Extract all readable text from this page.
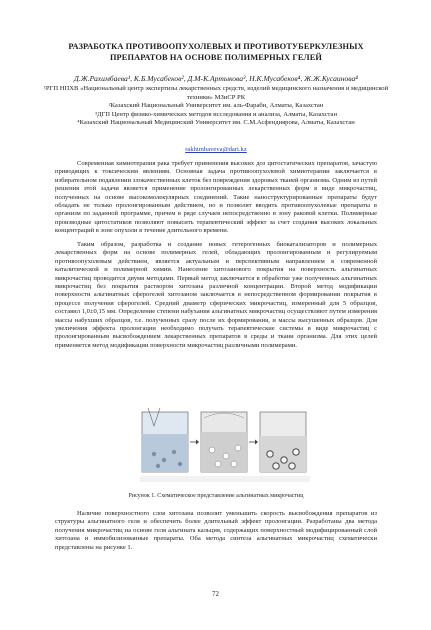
РАЗРАБОТКА ПРОТИВООПУХОЛЕВЫХ И ПРОТИВОТУБЕРКУЛЕЗНЫХ ПРЕПАРАТОВ НА ОСНОВЕ ПОЛИМЕРНЫХ ГЕЛЕЙ
Д.Ж.Рахимбаева¹, К.Б.Мусабеков², Д.М-К.Артыкова³, Н.К.Мусабеков⁴, Ж.Ж.Кусаинова⁴
¹РГП НПХВ «Национальный центр экспертизы лекарственных средств, изделий медицинского назначения и медицинской техники» МЗиСР РК
²Казахский Национальный Университет им. аль-Фараби, Алматы, Казахстан
³ДГП Центр физико-химических методов исследования и анализа, Алматы, Казахстан
⁴Казахский Национальный Медицинский Университет им. С.М.Асфендиярова, Алматы, Казахстан
rakhimbaveva@dari.kz
Современная химиотерапия рака требует применения высоких доз цитостатических препаратов, зачастую приводящих к токсическим явлениям. Основная задача противоопухолевой химиотерапии заключается в избирательном подавлении злокачественных клеток без повреждения здоровых тканей организма. Одним из путей решения этой задачи является применение пролонгированных лекарственных форм в виде микрочастиц, полученных на основе высокомолекулярных соединений. Такие наноструктурированные препараты будут обладать не только пролонгированным действием, но и позволят вводить противоопухолевые препараты в организм по заданной программе, причем в ряде случаев непосредственно в зону раковой клетки. Полимерные производные цитостатиков позволяют повысить терапевтический эффект за счет создания высоких локальных концентраций в зоне опухоли в течение длительного времени.
Таким образом, разработка и создание новых гетерогенных биокатализаторов и полимерных лекарственных форм на основе полимерных гелей, обладающих пролонгированным и регулируемым противоопухолевым действием, является актуальным и перспективным направлением в современной каталитической и полимерной химии. Нанесение хитозанового покрытия на поверхность альгинатных микрочастиц проводится двумя методами. Первый метод заключается в обработке уже полученных альгинатных микрочастиц без покрытия раствором хитозана различной концентрации. Второй метод модификации поверхности альгинатных сферогелей хитозаном заключается в непосредственном формировании покрытия в процессе получения сферогелей. Средний диаметр сферических микрочастиц, измеренный для 5 образцов, составил 1,0±0,15 мм. Определение степени набухания альгинатных микрочастиц осуществляют путем измерения массы набухших образцов, т.е. полученных сразу после их формирования, и массы высушенных образцов. Для увеличения эффекта пролонгации необходимо получать терапевтические системы в виде микрочастиц с пролонгированным высвобождением лекарственных препаратов в среды и ткани организма. Для этих целей применяется метод модификации поверхности микрочастиц различными полимерами.
Рисунок 1. Схематическое представление альгинатных микрочастиц
Наличие поверхностного слоя хитозана позволит уменьшить скорость высвобождения препаратов из структуры альгинатного геля и обеспечить более длительный эффект пролонгации. Разработаны два метода получения микрочастиц на основе геля альгината кальция, содержащих поверхностный модифицированный слой хитозана и иммобилизованные препараты. Оба метода синтеза альгинатных микрочастиц схематически представлены на рисунке 1.
72
